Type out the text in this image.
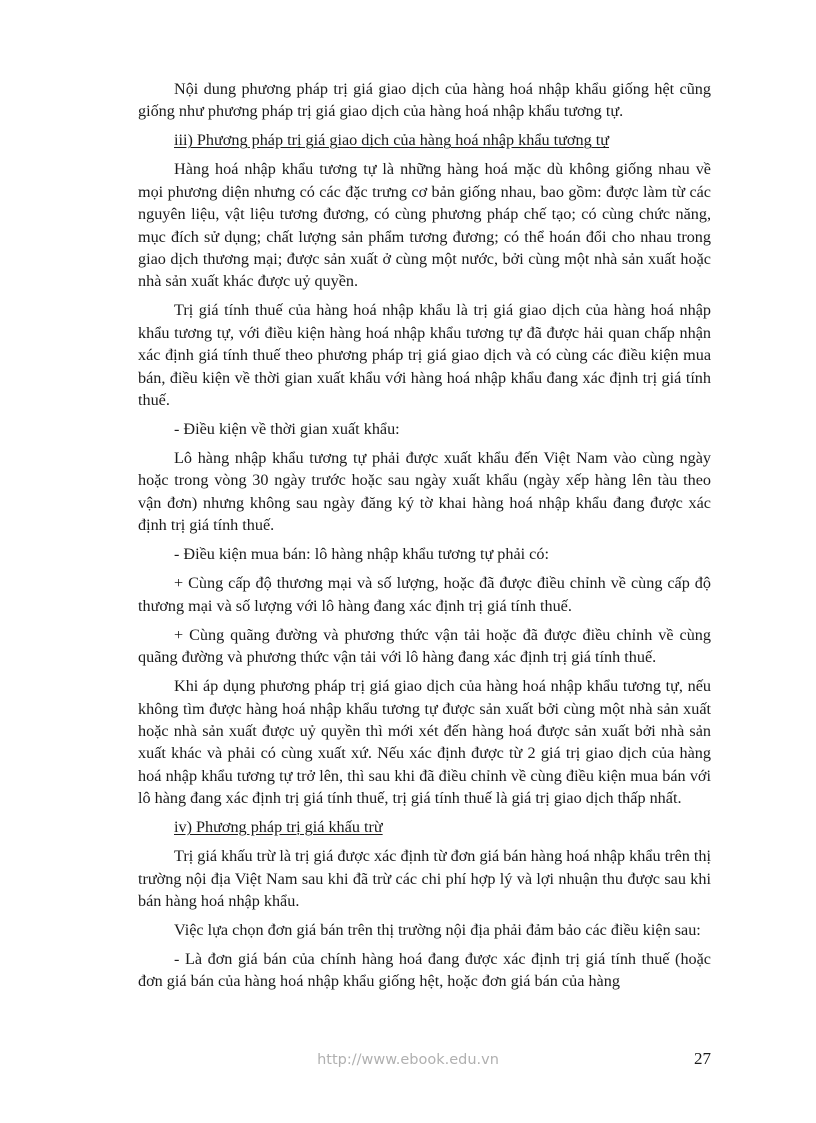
Nội dung phương pháp trị giá giao dịch của hàng hoá nhập khẩu giống hệt cũng giống như phương pháp trị giá giao dịch của hàng hoá nhập khẩu tương tự.

iii) Phương pháp trị giá giao dịch của hàng hoá nhập khẩu tương tự

Hàng hoá nhập khẩu tương tự là những hàng hoá mặc dù không giống nhau về mọi phương diện nhưng có các đặc trưng cơ bản giống nhau, bao gồm: được làm từ các nguyên liệu, vật liệu tương đương, có cùng phương pháp chế tạo; có cùng chức năng, mục đích sử dụng; chất lượng sản phẩm tương đương; có thể hoán đổi cho nhau trong giao dịch thương mại; được sản xuất ở cùng một nước, bởi cùng một nhà sản xuất hoặc nhà sản xuất khác được uỷ quyền.

Trị giá tính thuế của hàng hoá nhập khẩu là trị giá giao dịch của hàng hoá nhập khẩu tương tự, với điều kiện hàng hoá nhập khẩu tương tự đã được hải quan chấp nhận xác định giá tính thuế theo phương pháp trị giá giao dịch và có cùng các điều kiện mua bán, điều kiện về thời gian xuất khẩu với hàng hoá nhập khẩu đang xác định trị giá tính thuế.

- Điều kiện về thời gian xuất khẩu:

Lô hàng nhập khẩu tương tự phải được xuất khẩu đến Việt Nam vào cùng ngày hoặc trong vòng 30 ngày trước hoặc sau ngày xuất khẩu (ngày xếp hàng lên tàu theo vận đơn) nhưng không sau ngày đăng ký tờ khai hàng hoá nhập khẩu đang được xác định trị giá tính thuế.

- Điều kiện mua bán: lô hàng nhập khẩu tương tự phải có:

+ Cùng cấp độ thương mại và số lượng, hoặc đã được điều chỉnh về cùng cấp độ thương mại và số lượng với lô hàng đang xác định trị giá tính thuế.

+ Cùng quãng đường và phương thức vận tải hoặc đã được điều chỉnh về cùng quãng đường và phương thức vận tải với lô hàng đang xác định trị giá tính thuế.

Khi áp dụng phương pháp trị giá giao dịch của hàng hoá nhập khẩu tương tự, nếu không tìm được hàng hoá nhập khẩu tương tự được sản xuất bởi cùng một nhà sản xuất hoặc nhà sản xuất được uỷ quyền thì mới xét đến hàng hoá được sản xuất bởi nhà sản xuất khác và phải có cùng xuất xứ. Nếu xác định được từ 2 giá trị giao dịch của hàng hoá nhập khẩu tương tự trở lên, thì sau khi đã điều chỉnh về cùng điều kiện mua bán với lô hàng đang xác định trị giá tính thuế, trị giá tính thuế là giá trị giao dịch thấp nhất.

iv) Phương pháp trị giá khấu trừ

Trị giá khấu trừ là trị giá được xác định từ đơn giá bán hàng hoá nhập khẩu trên thị trường nội địa Việt Nam sau khi đã trừ các chi phí hợp lý và lợi nhuận thu được sau khi bán hàng hoá nhập khẩu.

Việc lựa chọn đơn giá bán trên thị trường nội địa phải đảm bảo các điều kiện sau:

- Là đơn giá bán của chính hàng hoá đang được xác định trị giá tính thuế (hoặc đơn giá bán của hàng hoá nhập khẩu giống hệt, hoặc đơn giá bán của hàng

http://www.ebook.edu.vn	27
